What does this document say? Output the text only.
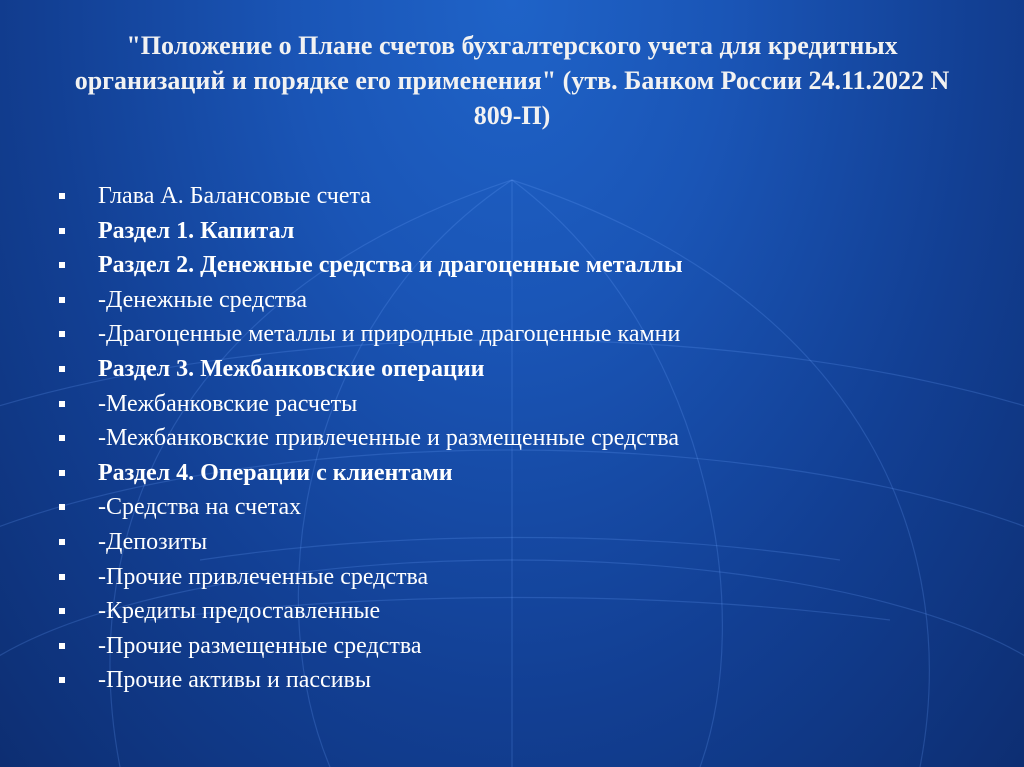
"Положение о Плане счетов бухгалтерского учета для кредитных организаций и порядке его применения" (утв. Банком России 24.11.2022 N 809-П)
Глава А. Балансовые счета
Раздел 1. Капитал
Раздел 2. Денежные средства и драгоценные металлы
-Денежные средства
-Драгоценные металлы и природные драгоценные камни
Раздел 3. Межбанковские операции
-Межбанковские расчеты
-Межбанковские привлеченные и размещенные средства
Раздел 4. Операции с клиентами
-Средства на счетах
-Депозиты
-Прочие привлеченные средства
-Кредиты предоставленные
-Прочие размещенные средства
-Прочие активы и пассивы
